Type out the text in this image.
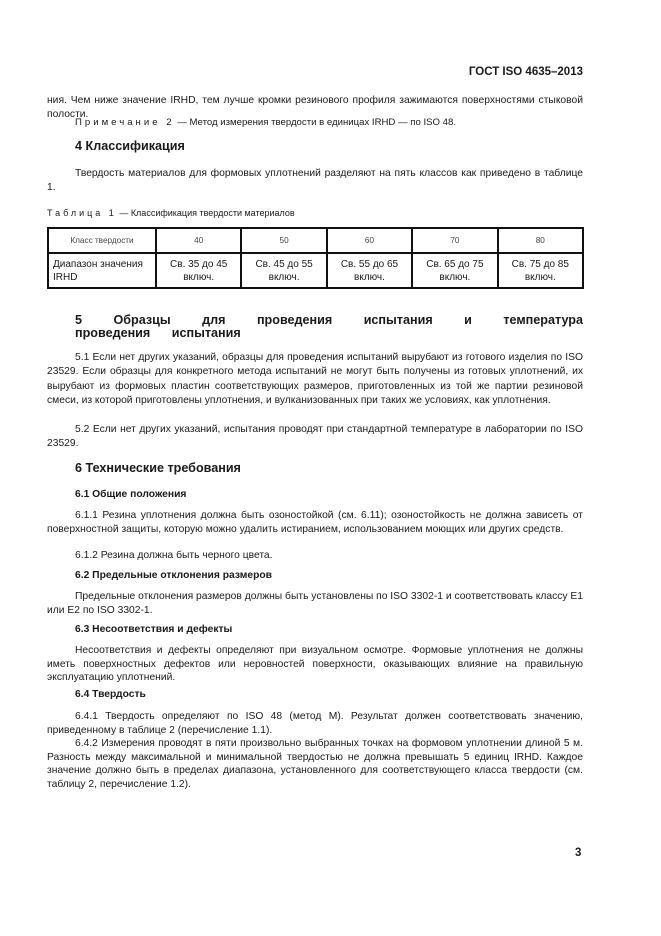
ГОСТ ISO 4635–2013
ния. Чем ниже значение IRHD, тем лучше кромки резинового профиля зажимаются поверхностями стыковой полости.
Примечание 2 — Метод измерения твердости в единицах IRHD — по ISO 48.
4 Классификация
Твердость материалов для формовых уплотнений разделяют на пять классов как приведено в таблице 1.
Таблица 1 — Классификация твердости материалов
Класс твердости	40	50	60	70	80
Диапазон значения IRHD	Св. 35 до 45 включ.	Св. 45 до 55 включ.	Св. 55 до 65 включ.	Св. 65 до 75 включ.	Св. 75 до 85 включ.
5 Образцы для проведения испытания и температура проведения испытания
5.1 Если нет других указаний, образцы для проведения испытаний вырубают из готового изделия по ISO 23529. Если образцы для конкретного метода испытаний не могут быть получены из готовых уплотнений, их вырубают из формовых пластин соответствующих размеров, приготовленных из той же партии резиновой смеси, из которой приготовлены уплотнения, и вулканизованных при таких же условиях, как уплотнения.
5.2 Если нет других указаний, испытания проводят при стандартной температуре в лаборатории по ISO 23529.
6 Технические требования
6.1 Общие положения
6.1.1 Резина уплотнения должна быть озоностойкой (см. 6.11); озоностойкость не должна зависеть от поверхностной защиты, которую можно удалить истиранием, использованием моющих или других средств.
6.1.2 Резина должна быть черного цвета.
6.2 Предельные отклонения размеров
Предельные отклонения размеров должны быть установлены по ISO 3302-1 и соответствовать классу Е1 или Е2 по ISO 3302-1.
6.3 Несоответствия и дефекты
Несоответствия и дефекты определяют при визуальном осмотре. Формовые уплотнения не должны иметь поверхностных дефектов или неровностей поверхности, оказывающих влияние на правильную эксплуатацию уплотнений.
6.4 Твердость
6.4.1 Твердость определяют по ISO 48 (метод М). Результат должен соответствовать значению, приведенному в таблице 2 (перечисление 1.1).
6.4.2 Измерения проводят в пяти произвольно выбранных точках на формовом уплотнении длиной 5 м. Разность между максимальной и минимальной твердостью не должна превышать 5 единиц IRHD. Каждое значение должно быть в пределах диапазона, установленного для соответствующего класса твердости (см. таблицу 2, перечисление 1.2).
3
